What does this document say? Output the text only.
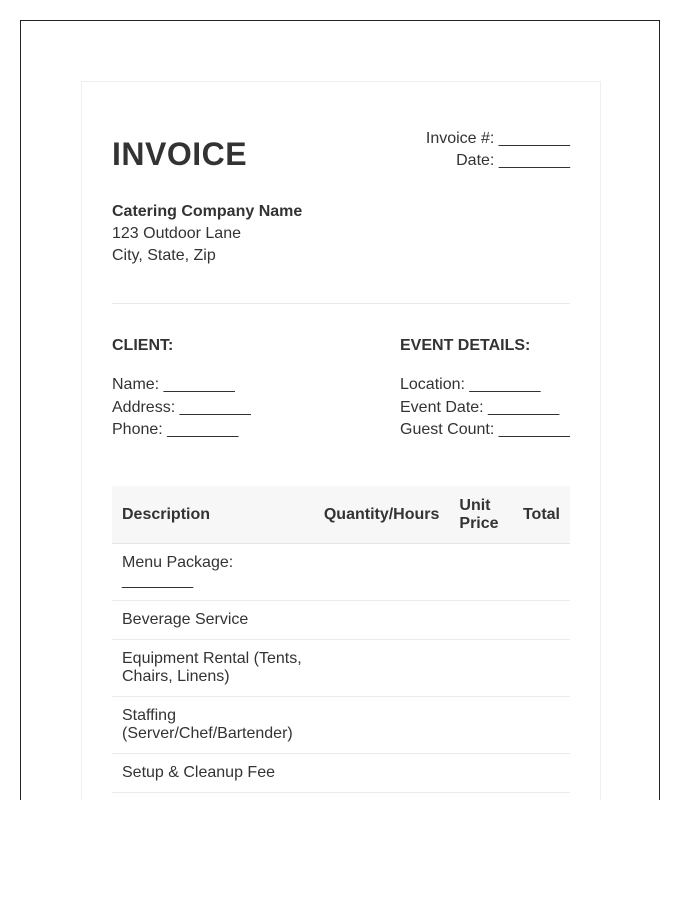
INVOICE	Invoice #: ________
Date: ________
Catering Company Name
123 Outdoor Lane
City, State, Zip
CLIENT:
Name: ________
Address: ________
Phone: ________
EVENT DETAILS:
Location: ________
Event Date: ________
Guest Count: ________
Description	Quantity/Hours	Unit Price	Total
Menu Package: ________			
Beverage Service			
Equipment Rental (Tents, Chairs, Linens)			
Staffing (Server/Chef/Bartender)			
Setup & Cleanup Fee			
